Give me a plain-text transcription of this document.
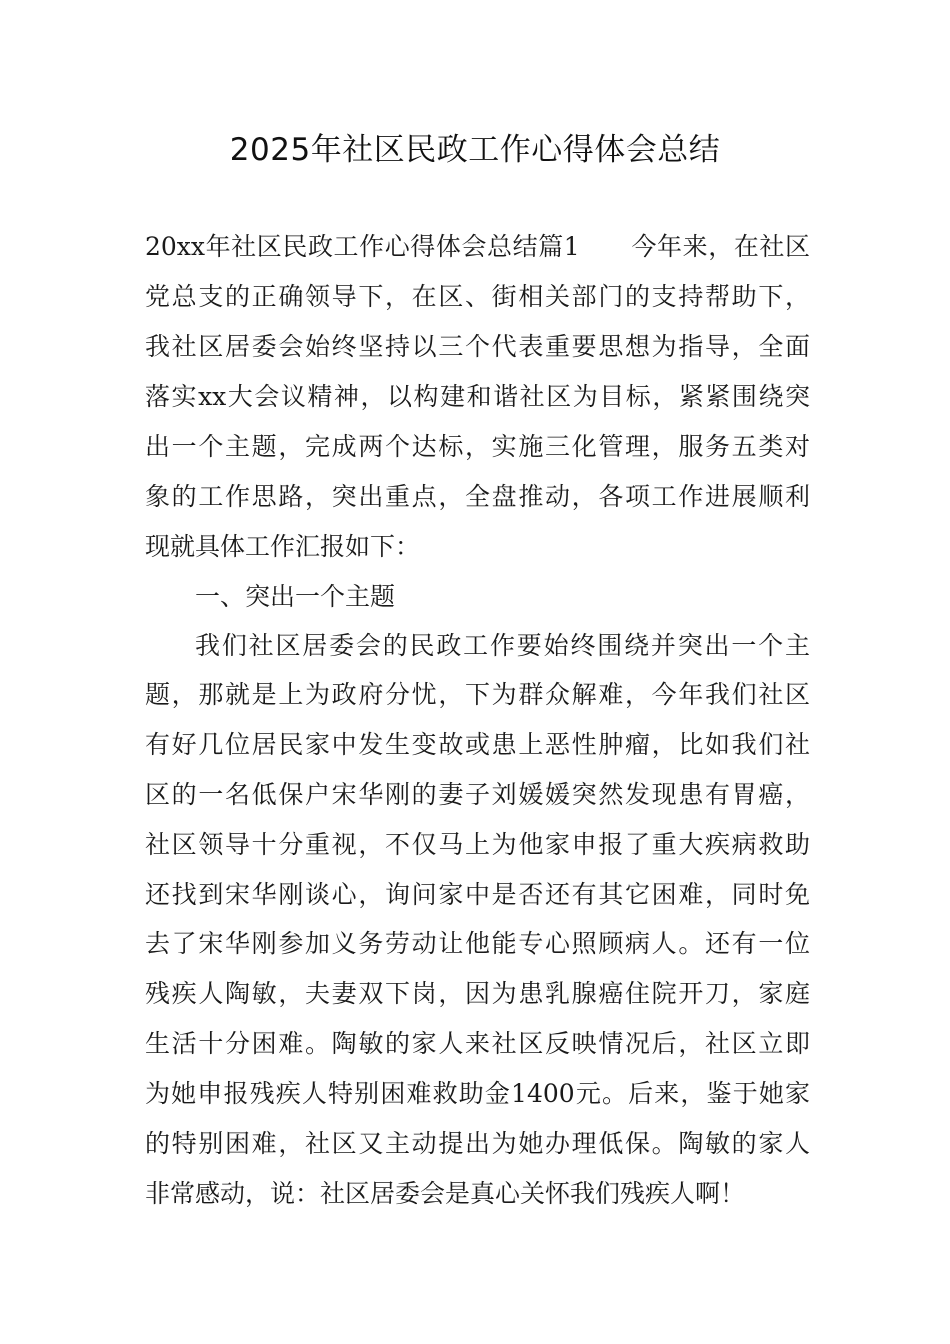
2025年社区民政工作心得体会总结
20xx年社区民政工作心得体会总结篇1　　今年来，在社区
党总支的正确领导下，在区、街相关部门的支持帮助下，
我社区居委会始终坚持以三个代表重要思想为指导，全面
落实xx大会议精神，以构建和谐社区为目标，紧紧围绕突
出一个主题，完成两个达标，实施三化管理，服务五类对
象的工作思路，突出重点，全盘推动，各项工作进展顺利
现就具体工作汇报如下：
一、突出一个主题
我们社区居委会的民政工作要始终围绕并突出一个主
题，那就是上为政府分忧，下为群众解难，今年我们社区
有好几位居民家中发生变故或患上恶性肿瘤，比如我们社
区的一名低保户宋华刚的妻子刘媛媛突然发现患有胃癌，
社区领导十分重视，不仅马上为他家申报了重大疾病救助
还找到宋华刚谈心，询问家中是否还有其它困难，同时免
去了宋华刚参加义务劳动让他能专心照顾病人。还有一位
残疾人陶敏，夫妻双下岗，因为患乳腺癌住院开刀，家庭
生活十分困难。陶敏的家人来社区反映情况后，社区立即
为她申报残疾人特别困难救助金1400元。后来，鉴于她家
的特别困难，社区又主动提出为她办理低保。陶敏的家人
非常感动，说：社区居委会是真心关怀我们残疾人啊！
